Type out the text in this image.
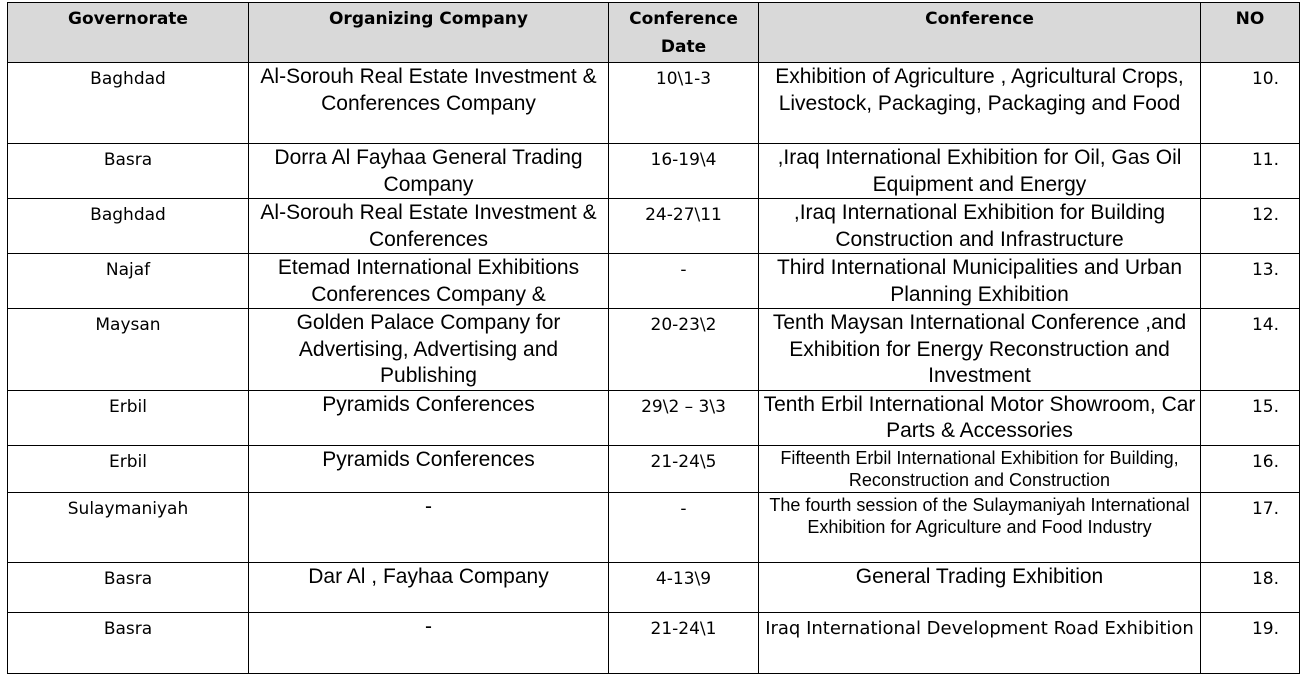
Governorate	Organizing Company	Conference Date	Conference	NO
Baghdad	Al-Sorouh Real Estate Investment & Conferences Company	10\1-3	Exhibition of Agriculture , Agricultural Crops, Livestock, Packaging, Packaging and Food	10.
Basra	Dorra Al Fayhaa General Trading Company	16-19\4	,Iraq International Exhibition for Oil, Gas Oil Equipment and Energy	11.
Baghdad	Al-Sorouh Real Estate Investment & Conferences	24-27\11	,Iraq International Exhibition for Building Construction and Infrastructure	12.
Najaf	Etemad International Exhibitions Conferences Company &	-	Third International Municipalities and Urban Planning Exhibition	13.
Maysan	Golden Palace Company for Advertising, Advertising and Publishing	20-23\2	Tenth Maysan International Conference ,and Exhibition for Energy Reconstruction and Investment	14.
Erbil	Pyramids Conferences	29\2 – 3\3	Tenth Erbil International Motor Showroom, Car Parts & Accessories	15.
Erbil	Pyramids Conferences	21-24\5	Fifteenth Erbil International Exhibition for Building, Reconstruction and Construction	16.
Sulaymaniyah	-	-	The fourth session of the Sulaymaniyah International Exhibition for Agriculture and Food Industry	17.
Basra	Dar Al , Fayhaa Company	4-13\9	General Trading Exhibition	18.
Basra	-	21-24\1	Iraq International Development Road Exhibition	19.
